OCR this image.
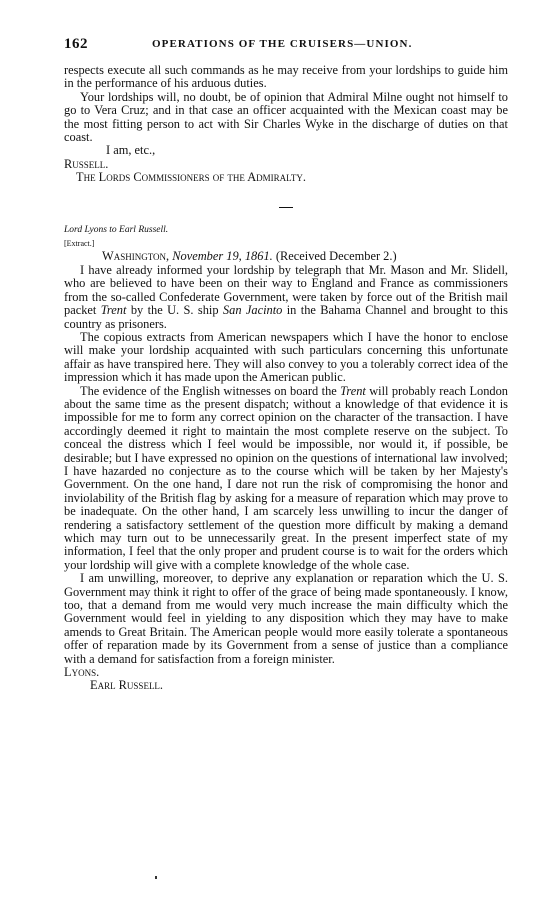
162	OPERATIONS OF THE CRUISERS—UNION.

respects execute all such commands as he may receive from your lordships to guide him in the performance of his arduous duties.

Your lordships will, no doubt, be of opinion that Admiral Milne ought not himself to go to Vera Cruz; and in that case an officer acquainted with the Mexican coast may be the most fitting person to act with Sir Charles Wyke in the discharge of duties on that coast.

I am, etc.,

Russell.

The Lords Commissioners of the Admiralty.

Lord Lyons to Earl Russell.

[Extract.]

Washington, November 19, 1861. (Received December 2.)

I have already informed your lordship by telegraph that Mr. Mason and Mr. Slidell, who are believed to have been on their way to England and France as commissioners from the so-called Confederate Government, were taken by force out of the British mail packet Trent by the U. S. ship San Jacinto in the Bahama Channel and brought to this country as prisoners.

The copious extracts from American newspapers which I have the honor to enclose will make your lordship acquainted with such particulars concerning this unfortunate affair as have transpired here. They will also convey to you a tolerably correct idea of the impression which it has made upon the American public.

The evidence of the English witnesses on board the Trent will probably reach London about the same time as the present dispatch; without a knowledge of that evidence it is impossible for me to form any correct opinion on the character of the transaction. I have accordingly deemed it right to maintain the most complete reserve on the subject. To conceal the distress which I feel would be impossible, nor would it, if possible, be desirable; but I have expressed no opinion on the questions of international law involved; I have hazarded no conjecture as to the course which will be taken by her Majesty's Government. On the one hand, I dare not run the risk of compromising the honor and inviolability of the British flag by asking for a measure of reparation which may prove to be inadequate. On the other hand, I am scarcely less unwilling to incur the danger of rendering a satisfactory settlement of the question more difficult by making a demand which may turn out to be unnecessarily great. In the present imperfect state of my information, I feel that the only proper and prudent course is to wait for the orders which your lordship will give with a complete knowledge of the whole case.

I am unwilling, moreover, to deprive any explanation or reparation which the U. S. Government may think it right to offer of the grace of being made spontaneously. I know, too, that a demand from me would very much increase the main difficulty which the Government would feel in yielding to any disposition which they may have to make amends to Great Britain. The American people would more easily tolerate a spontaneous offer of reparation made by its Government from a sense of justice than a compliance with a demand for satisfaction from a foreign minister.

Lyons.

Earl Russell.
